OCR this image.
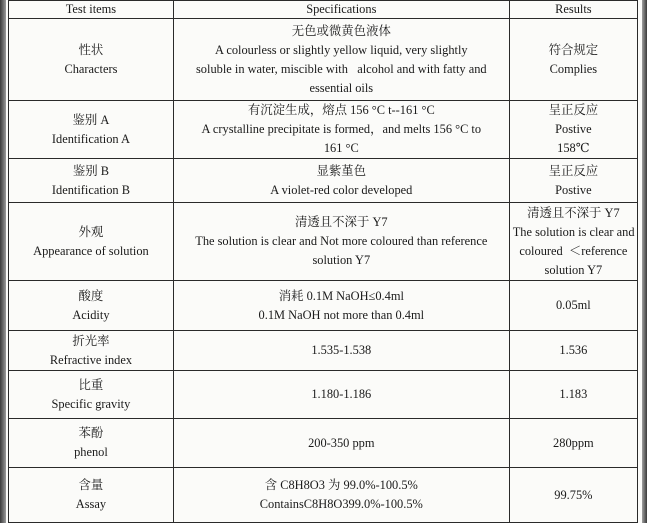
Test items	Specifications	Results

性状
Characters	无色或微黄色液体
A colourless or slightly yellow liquid, very slightly
soluble in water, miscible with   alcohol and with fatty and
essential oils	符合规定
Complies

鉴别 A
Identification A	有沉淀生成，熔点 156 °C t--161 °C
A crystalline precipitate is formed，and melts 156 °C to
161 °C	呈正反应
Postive
158℃

鉴别 B
Identification B	显紫堇色
A violet-red color developed	呈正反应
Postive

外观
Appearance of solution	清透且不深于 Y7
The solution is clear and Not more coloured than reference
solution Y7	清透且不深于 Y7
The solution is clear and
coloured  ＜reference
solution Y7

酸度
Acidity	消耗 0.1M NaOH≤0.4ml
0.1M NaOH not more than 0.4ml	0.05ml

折光率
Refractive index	1.535-1.538	1.536

比重
Specific gravity	1.180-1.186	1.183

苯酚
phenol	200-350 ppm	280ppm

含量
Assay	含 C8H8O3 为 99.0%-100.5%
ContainsC8H8O399.0%-100.5%	99.75%
